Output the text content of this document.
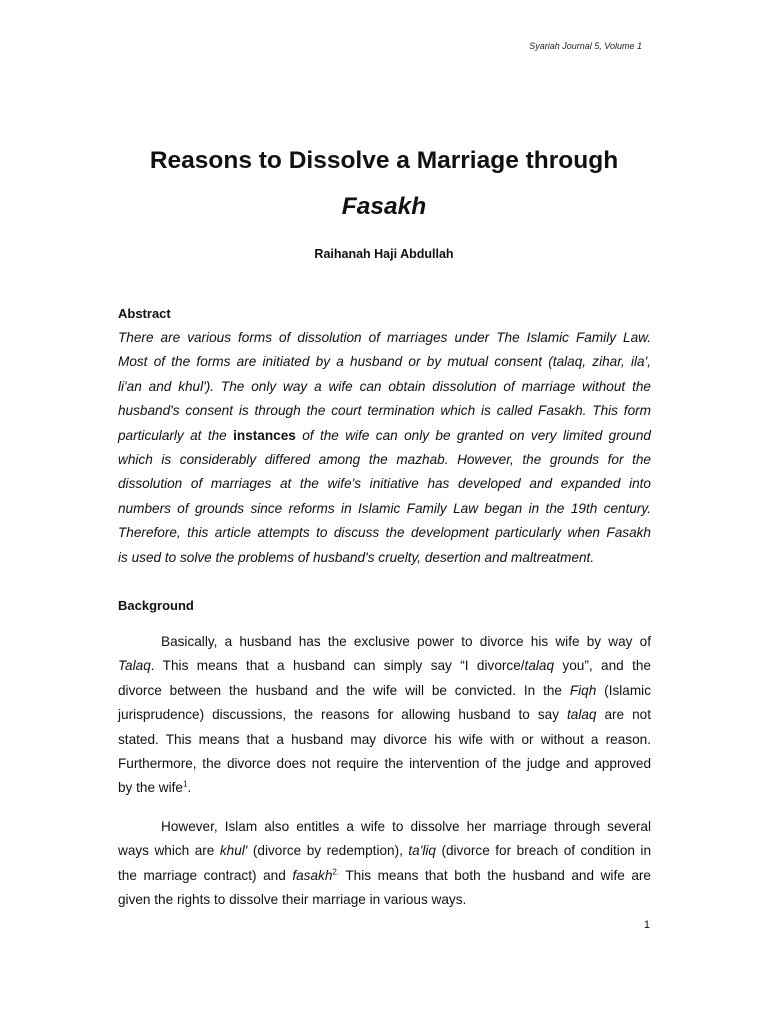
Syariah Journal 5, Volume 1
Reasons to Dissolve a Marriage through
Fasakh
Raihanah Haji Abdullah
Abstract
There are various forms of dissolution of marriages under The Islamic Family Law.
Most of the forms are initiated by a husband or by mutual consent (talaq, zihar, ila',
li'an and khul'). The only way a wife can obtain dissolution of marriage without the
husband's consent is through the court termination which is called Fasakh. This form
particularly at the instances of the wife can only be granted on very limited ground
which is considerably differed among the mazhab. However, the grounds for the
dissolution of marriages at the wife's initiative has developed and expanded into
numbers of grounds since reforms in Islamic Family Law began in the 19th century.
Therefore, this article attempts to discuss the development particularly when Fasakh
is used to solve the problems of husband's cruelty, desertion and maltreatment.
Background
Basically, a husband has the exclusive power to divorce his wife by way of
Talaq. This means that a husband can simply say “I divorce/talaq you”, and the
divorce between the husband and the wife will be convicted. In the Fiqh (Islamic
jurisprudence) discussions, the reasons for allowing husband to say talaq are not
stated. This means that a husband may divorce his wife with or without a reason.
Furthermore, the divorce does not require the intervention of the judge and approved
by the wife$^1$.
However, Islam also entitles a wife to dissolve her marriage through several
ways which are khul' (divorce by redemption), ta'liq (divorce for breach of condition in
the marriage contract) and fasakh$^{2.}$ This means that both the husband and wife are
given the rights to dissolve their marriage in various ways.
1
